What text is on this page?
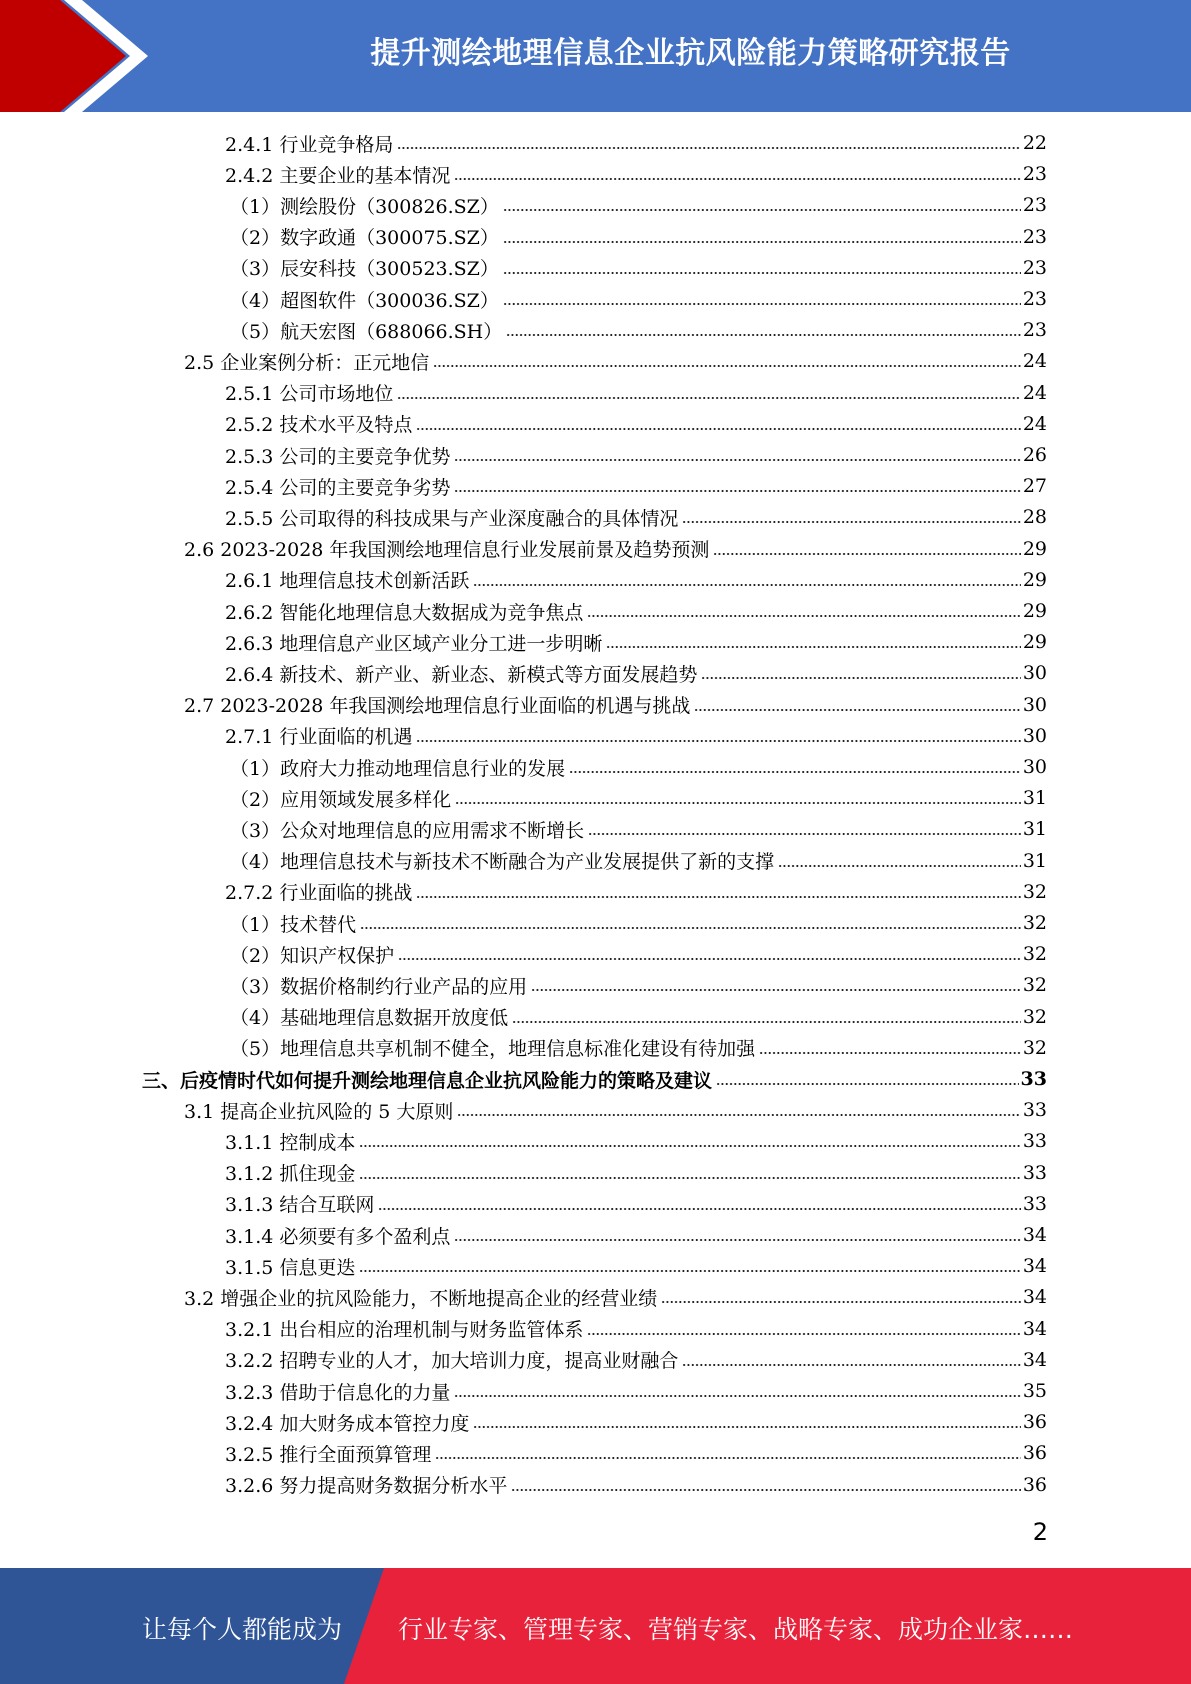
提升测绘地理信息企业抗风险能力策略研究报告
2.4.1 行业竞争格局	22
2.4.2 主要企业的基本情况	23
（1）测绘股份（300826.SZ）	23
（2）数字政通（300075.SZ）	23
（3）辰安科技（300523.SZ）	23
（4）超图软件（300036.SZ）	23
（5）航天宏图（688066.SH）	23
2.5 企业案例分析：正元地信	24
2.5.1 公司市场地位	24
2.5.2 技术水平及特点	24
2.5.3 公司的主要竞争优势	26
2.5.4 公司的主要竞争劣势	27
2.5.5 公司取得的科技成果与产业深度融合的具体情况	28
2.6 2023-2028 年我国测绘地理信息行业发展前景及趋势预测	29
2.6.1 地理信息技术创新活跃	29
2.6.2 智能化地理信息大数据成为竞争焦点	29
2.6.3 地理信息产业区域产业分工进一步明晰	29
2.6.4 新技术、新产业、新业态、新模式等方面发展趋势	30
2.7 2023-2028 年我国测绘地理信息行业面临的机遇与挑战	30
2.7.1 行业面临的机遇	30
（1）政府大力推动地理信息行业的发展	30
（2）应用领域发展多样化	31
（3）公众对地理信息的应用需求不断增长	31
（4）地理信息技术与新技术不断融合为产业发展提供了新的支撑	31
2.7.2 行业面临的挑战	32
（1）技术替代	32
（2）知识产权保护	32
（3）数据价格制约行业产品的应用	32
（4）基础地理信息数据开放度低	32
（5）地理信息共享机制不健全，地理信息标准化建设有待加强	32
三、后疫情时代如何提升测绘地理信息企业抗风险能力的策略及建议	33
3.1 提高企业抗风险的 5 大原则	33
3.1.1 控制成本	33
3.1.2 抓住现金	33
3.1.3 结合互联网	33
3.1.4 必须要有多个盈利点	34
3.1.5 信息更迭	34
3.2 增强企业的抗风险能力，不断地提高企业的经营业绩	34
3.2.1 出台相应的治理机制与财务监管体系	34
3.2.2 招聘专业的人才，加大培训力度，提高业财融合	34
3.2.3 借助于信息化的力量	35
3.2.4 加大财务成本管控力度	36
3.2.5 推行全面预算管理	36
3.2.6 努力提高财务数据分析水平	36
2
让每个人都能成为 行业专家、管理专家、营销专家、战略专家、成功企业家……
